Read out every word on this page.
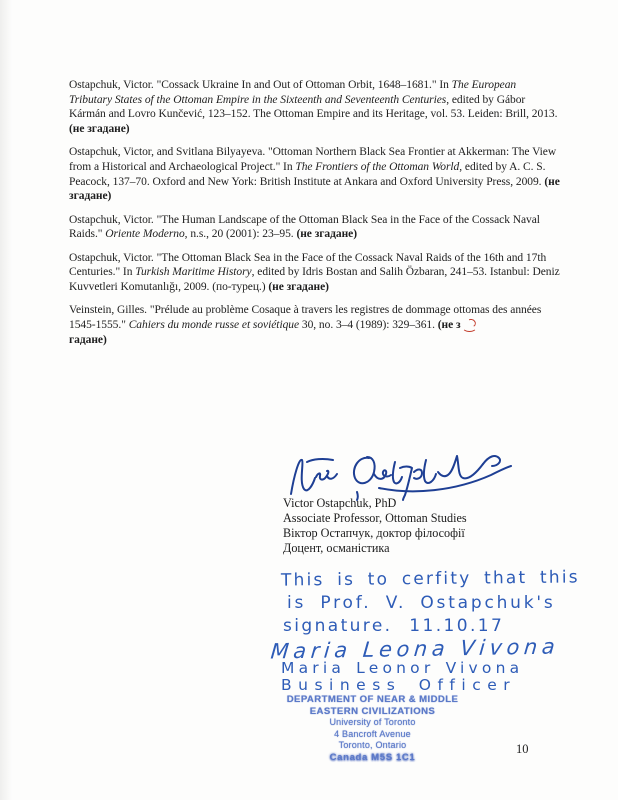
Ostapchuk, Victor. "Cossack Ukraine In and Out of Ottoman Orbit, 1648–1681." In The European Tributary States of the Ottoman Empire in the Sixteenth and Seventeenth Centuries, edited by Gábor Kármán and Lovro Kunčević, 123–152. The Ottoman Empire and its Heritage, vol. 53. Leiden: Brill, 2013. (не згадане)

Ostapchuk, Victor, and Svitlana Bilyayeva. "Ottoman Northern Black Sea Frontier at Akkerman: The View from a Historical and Archaeological Project." In The Frontiers of the Ottoman World, edited by A. C. S. Peacock, 137–70. Oxford and New York: British Institute at Ankara and Oxford University Press, 2009. (не згадане)

Ostapchuk, Victor. "The Human Landscape of the Ottoman Black Sea in the Face of the Cossack Naval Raids." Oriente Moderno, n.s., 20 (2001): 23–95. (не згадане)

Ostapchuk, Victor. "The Ottoman Black Sea in the Face of the Cossack Naval Raids of the 16th and 17th Centuries." In Turkish Maritime History, edited by Idris Bostan and Salih Özbaran, 241–53. Istanbul: Deniz Kuvvetleri Komutanlığı, 2009. (по-турец.) (не згадане)

Veinstein, Gilles. "Prélude au problème Cosaque à travers les registres de dommage ottomas des années 1545-1555." Cahiers du monde russe et soviétique 30, no. 3–4 (1989): 329–361. (не з
гадане)

Victor Ostapchuk, PhD
Associate Professor, Ottoman Studies
Віктор Остапчук, доктор філософії
Доцент, османістика
This is to cerfity that this
is Prof. V. Ostapchuk's
signature. 11.10.17
Maria Leona Vivona
Maria Leonor Vivona
Business Officer
DEPARTMENT OF NEAR & MIDDLE
EASTERN CIVILIZATIONS
University of Toronto
4 Bancroft Avenue
Toronto, Ontario
Canada M5S 1C1
10
